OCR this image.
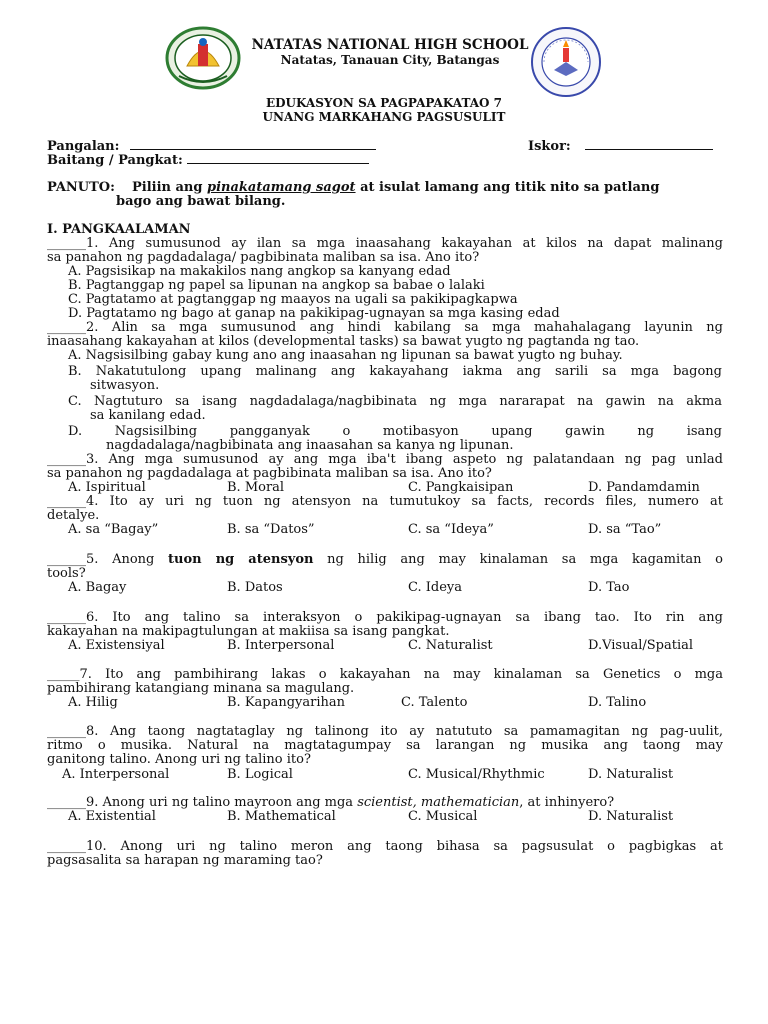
NATATAS NATIONAL HIGH SCHOOL
Natatas, Tanauan City, Batangas
EDUKASYON SA PAGPAPAKATAO 7
UNANG MARKAHANG PAGSUSULIT
Pangalan:	Iskor:
Baitang / Pangkat:
PANUTO: Piliin ang pinakatamang sagot at isulat lamang ang titik nito sa patlang
bago ang bawat bilang.
I. PANGKAALAMAN
______1. Ang sumusunod ay ilan sa mga inaasahang kakayahan at kilos na dapat malinang
sa panahon ng pagdadalaga/ pagbibinata maliban sa isa. Ano ito?
A. Pagsisikap na makakilos nang angkop sa kanyang edad
B. Pagtanggap ng papel sa lipunan na angkop sa babae o lalaki
C. Pagtatamo at pagtanggap ng maayos na ugali sa pakikipagkapwa
D. Pagtatamo ng bago at ganap na pakikipag-ugnayan sa mga kasing edad
______2. Alin sa mga sumusunod ang hindi kabilang sa mga mahahalagang layunin ng
inaasahang kakayahan at kilos (developmental tasks) sa bawat yugto ng pagtanda ng tao.
A. Nagsisilbing gabay kung ano ang inaasahan ng lipunan sa bawat yugto ng buhay.
B. Nakatutulong upang malinang ang kakayahang iakma ang sarili sa mga bagong
sitwasyon.
C. Nagtuturo sa isang nagdadalaga/nagbibinata ng mga nararapat na gawin na akma
sa kanilang edad.
D. Nagsisilbing pangganyak o motibasyon upang gawin ng isang
nagdadalaga/nagbibinata ang inaasahan sa kanya ng lipunan.
______3. Ang mga sumusunod ay ang mga iba't ibang aspeto ng palatandaan ng pag unlad
sa panahon ng pagdadalaga at pagbibinata maliban sa isa. Ano ito?
A. Ispiritual	B. Moral	C. Pangkaisipan	D. Pandamdamin
______4. Ito ay uri ng tuon ng atensyon na tumutukoy sa facts, records files, numero at
detalye.
A. sa “Bagay”	B. sa “Datos”	C. sa “Ideya”	D. sa “Tao”
______5. Anong tuon ng atensyon ng hilig ang may kinalaman sa mga kagamitan o
tools?
A. Bagay	B. Datos	C. Ideya	D. Tao
______6. Ito ang talino sa interaksyon o pakikipag-ugnayan sa ibang tao. Ito rin ang
kakayahan na makipagtulungan at makiisa sa isang pangkat.
A. Existensiyal	B. Interpersonal	C. Naturalist	D.Visual/Spatial
_____7. Ito ang pambihirang lakas o kakayahan na may kinalaman sa Genetics o mga
pambihirang katangiang minana sa magulang.
A. Hilig	B. Kapangyarihan	C. Talento	D. Talino
______8. Ang taong nagtataglay ng talinong ito ay natututo sa pamamagitan ng pag-uulit,
ritmo o musika. Natural na magtatagumpay sa larangan ng musika ang taong may
ganitong talino. Anong uri ng talino ito?
A. Interpersonal	B. Logical	C. Musical/Rhythmic	D. Naturalist
______9. Anong uri ng talino mayroon ang mga scientist, mathematician, at inhinyero?
A. Existential	B. Mathematical	C. Musical	D. Naturalist
______10. Anong uri ng talino meron ang taong bihasa sa pagsusulat o pagbigkas at
pagsasalita sa harapan ng maraming tao?
